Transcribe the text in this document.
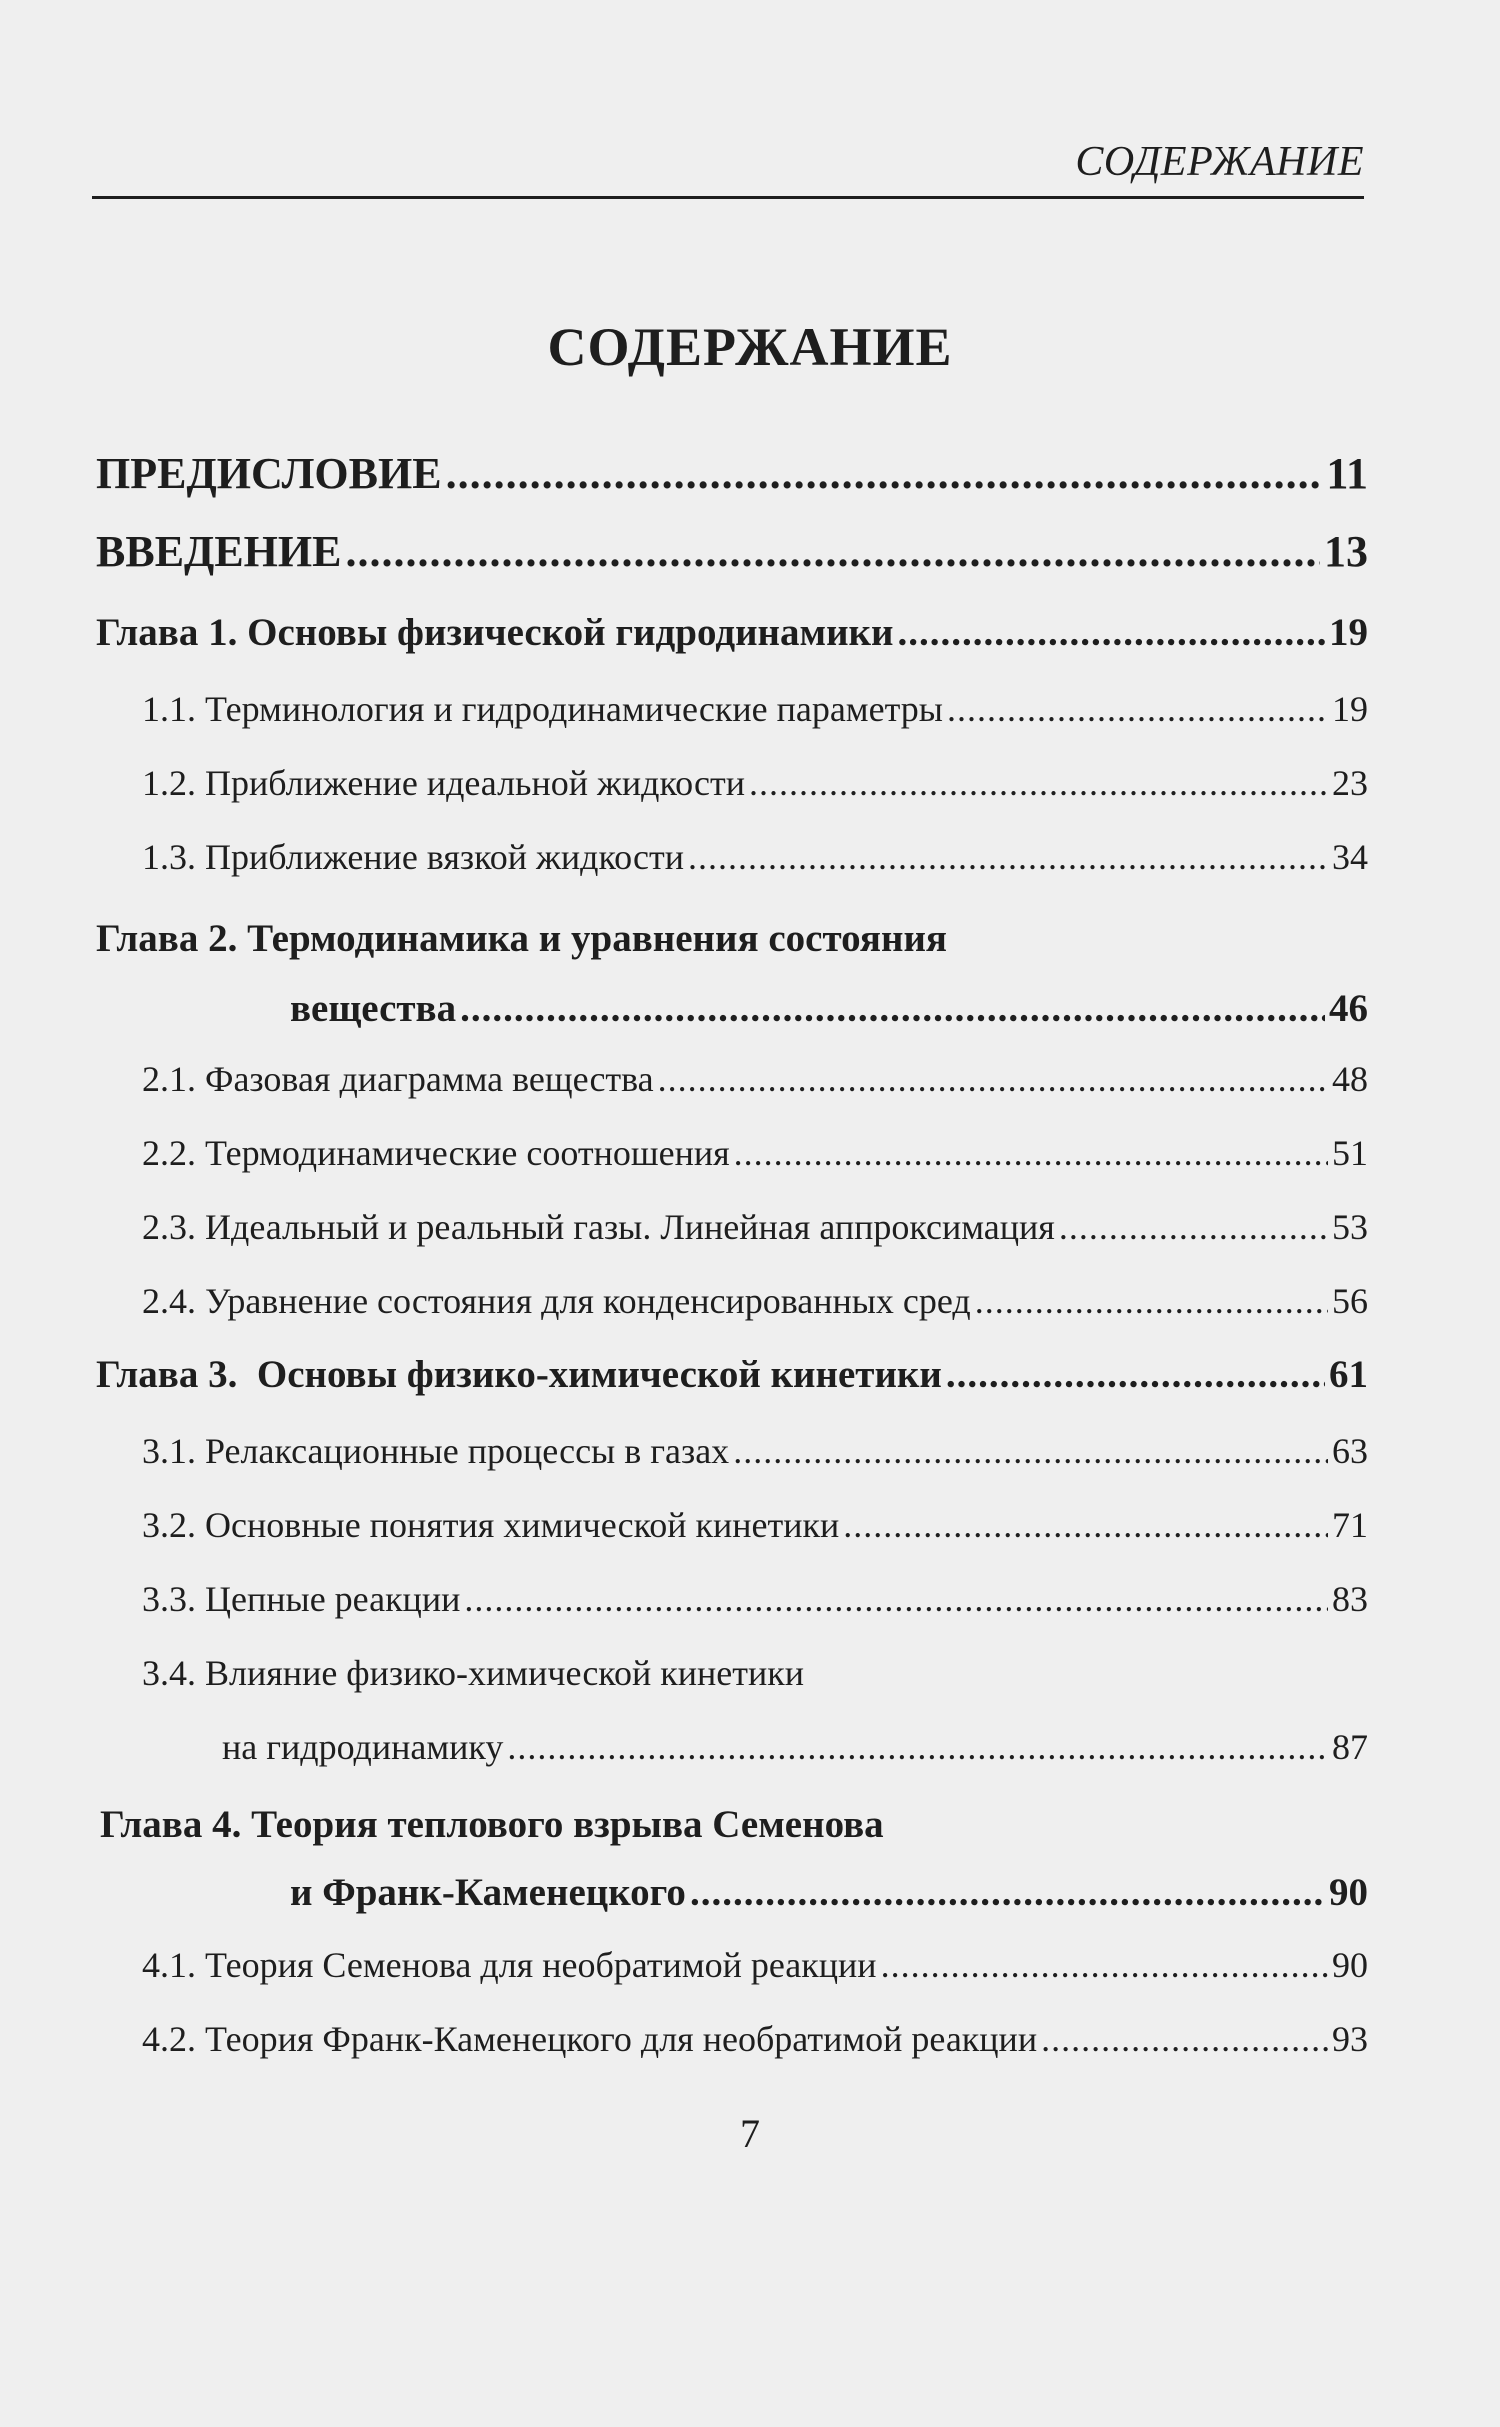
СОДЕРЖАНИЕ
СОДЕРЖАНИЕ
ПРЕДИСЛОВИЕ .....	11
ВВЕДЕНИЕ .....	13
Глава 1. Основы физической гидродинамики .....	19
1.1. Терминология и гидродинамические параметры .....	19
1.2. Приближение идеальной жидкости .....	23
1.3. Приближение вязкой жидкости .....	34
Глава 2. Термодинамика и уравнения состояния
вещества .....	46
2.1. Фазовая диаграмма вещества .....	48
2.2. Термодинамические соотношения .....	51
2.3. Идеальный и реальный газы. Линейная аппроксимация .....	53
2.4. Уравнение состояния для конденсированных сред .....	56
Глава 3.  Основы физико-химической кинетики .....	61
3.1. Релаксационные процессы в газах .....	63
3.2. Основные понятия химической кинетики .....	71
3.3. Цепные реакции .....	83
3.4. Влияние физико-химической кинетики
на гидродинамику .....	87
Глава 4. Теория теплового взрыва Семенова
и Франк-Каменецкого .....	90
4.1. Теория Семенова для необратимой реакции .....	90
4.2. Теория Франк-Каменецкого для необратимой реакции .....	93
7
